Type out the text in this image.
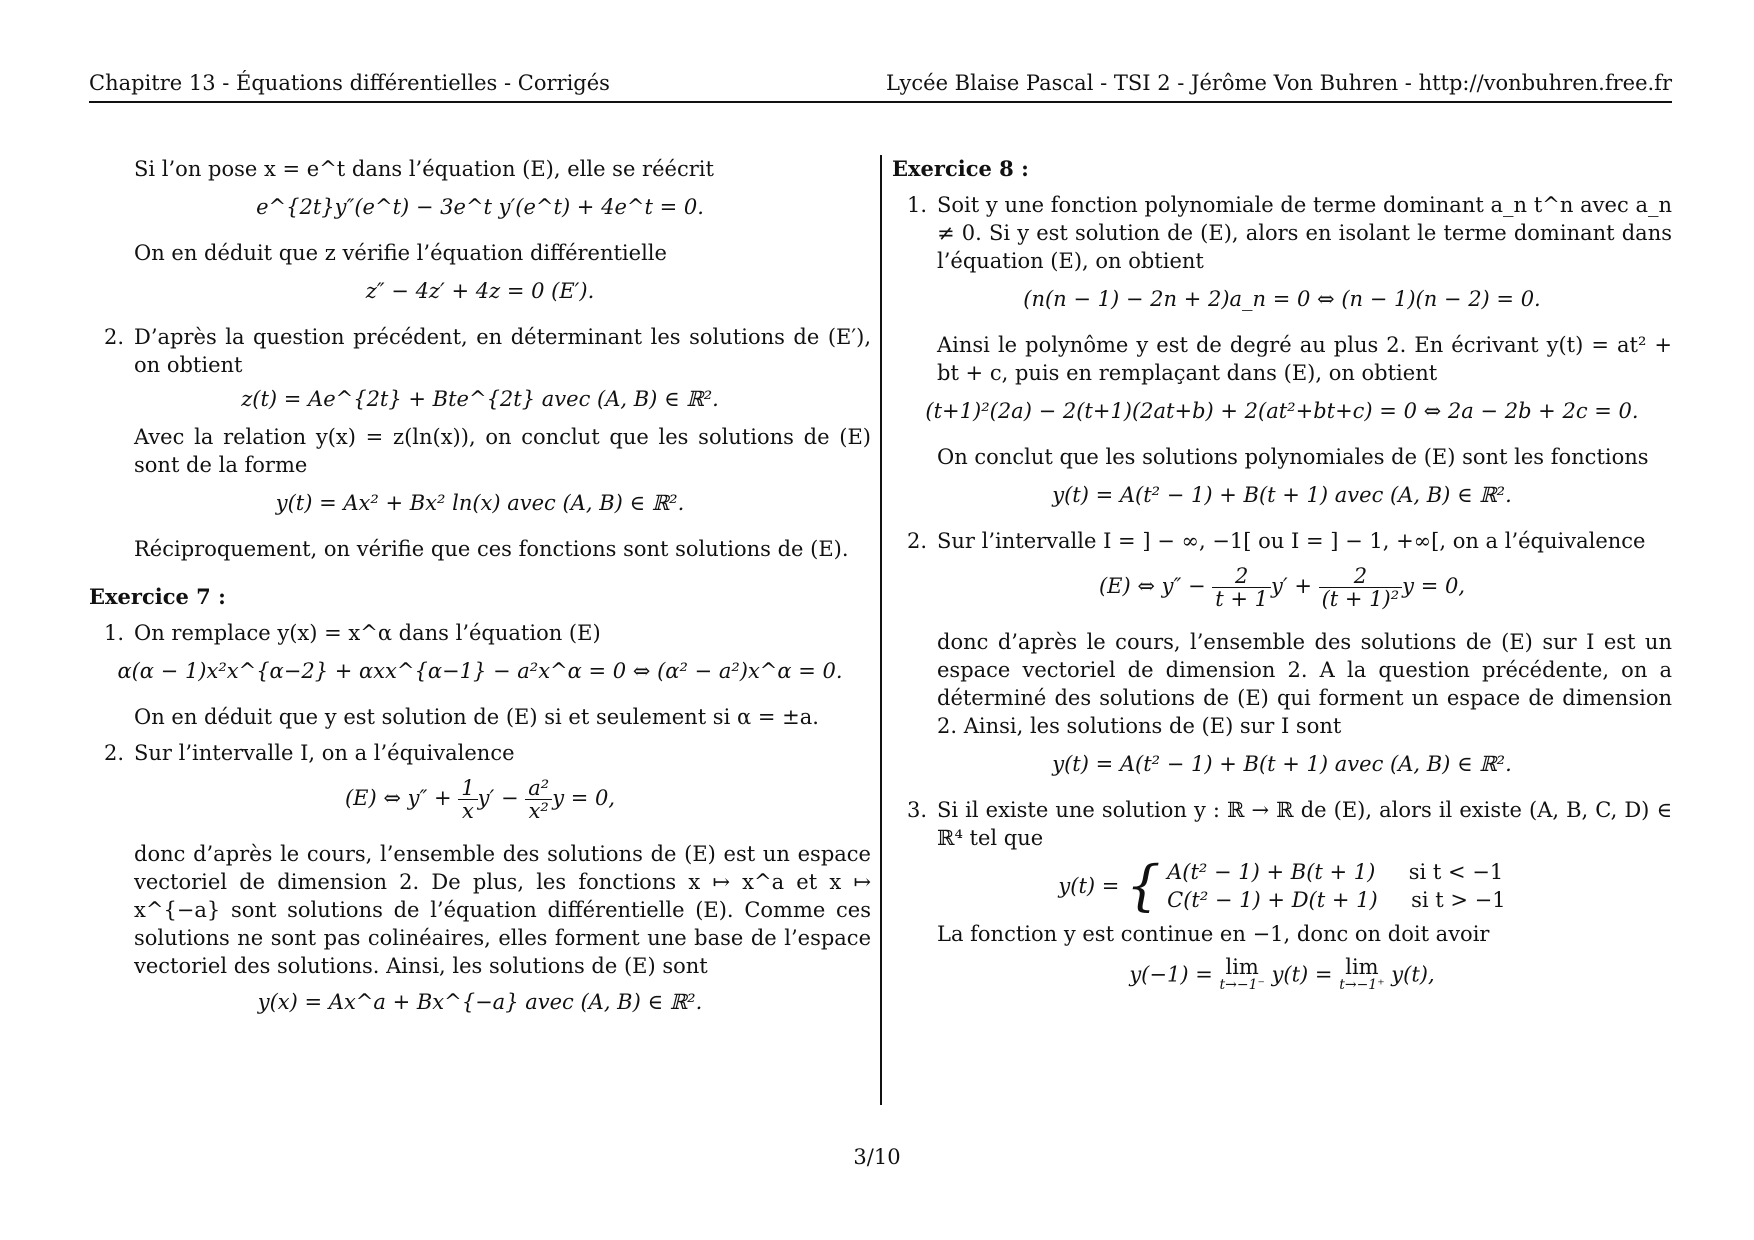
Chapitre 13 - Équations différentielles - Corrigés	Lycée Blaise Pascal - TSI 2 - Jérôme Von Buhren - http://vonbuhren.free.fr
Si l’on pose x = e^t dans l’équation (E), elle se réécrit
e^{2t}y″(e^t) − 3e^t y′(e^t) + 4e^t = 0.
On en déduit que z vérifie l’équation différentielle
z″ − 4z′ + 4z = 0 (E′).
2. D’après la question précédent, en déterminant les solutions de (E′), on obtient
z(t) = Ae^{2t} + Bte^{2t} avec (A, B) ∈ ℝ².
Avec la relation y(x) = z(ln(x)), on conclut que les solutions de (E) sont de la forme
y(t) = Ax² + Bx² ln(x) avec (A, B) ∈ ℝ².
Réciproquement, on vérifie que ces fonctions sont solutions de (E).
Exercice 7 :
1. On remplace y(x) = x^α dans l’équation (E)
α(α − 1)x²x^{α−2} + αxx^{α−1} − a²x^α = 0 ⇔ (α² − a²)x^α = 0.
On en déduit que y est solution de (E) si et seulement si α = ±a.
2. Sur l’intervalle I, on a l’équivalence
(E) ⇔ $y'' + \frac{1}{x} y' - \frac{\text{a²}}{\text{x²}}$ y = 0,
donc d’après le cours, l’ensemble des solutions de (E) est un espace vectoriel de dimension 2. De plus, les fonctions x ↦ x^a et x ↦ x^{−a} sont solutions de l’équation différentielle (E). Comme ces solutions ne sont pas colinéaires, elles forment une base de l’espace vectoriel des solutions. Ainsi, les solutions de (E) sont
y(x) = Ax^a + Bx^{−a} avec (A, B) ∈ ℝ².
Exercice 8 :
1. Soit y une fonction polynomiale de terme dominant a_n t^n avec a_n ≠ 0. Si y est solution de (E), alors en isolant le terme dominant dans l’équation (E), on obtient
(n(n − 1) − 2n + 2)a_n = 0 ⇔ (n − 1)(n − 2) = 0.
Ainsi le polynôme y est de degré au plus 2. En écrivant y(t) = at² + bt + c, puis en remplaçant dans (E), on obtient
(t+1)²(2a) − 2(t+1)(2at+b) + 2(at²+bt+c) = 0 ⇔ 2a − 2b + 2c = 0.
On conclut que les solutions polynomiales de (E) sont les fonctions
y(t) = A(t² − 1) + B(t + 1) avec (A, B) ∈ ℝ².
2. Sur l’intervalle I = ] − ∞, −1[ ou I = ] − 1, +∞[, on a l’équivalence
(E) ⇔ $y'' - \frac{2}{t + 1} y' + \frac{2}{\text{(t + 1)²}}$ y = 0,
donc d’après le cours, l’ensemble des solutions de (E) sur I est un espace vectoriel de dimension 2. A la question précédente, on a déterminé des solutions de (E) qui forment un espace de dimension 2. Ainsi, les solutions de (E) sur I sont
y(t) = A(t² − 1) + B(t + 1) avec (A, B) ∈ ℝ².
3. Si il existe une solution y : ℝ → ℝ de (E), alors il existe (A, B, C, D) ∈ ℝ⁴ tel que
y(t) = { A(t² − 1) + B(t + 1) si t < −1
C(t² − 1) + D(t + 1) si t > −1
La fonction y est continue en −1, donc on doit avoir
y(−1) = lim
t→−1⁻ y(t) = lim
t→−1⁺ y(t),
3/10
